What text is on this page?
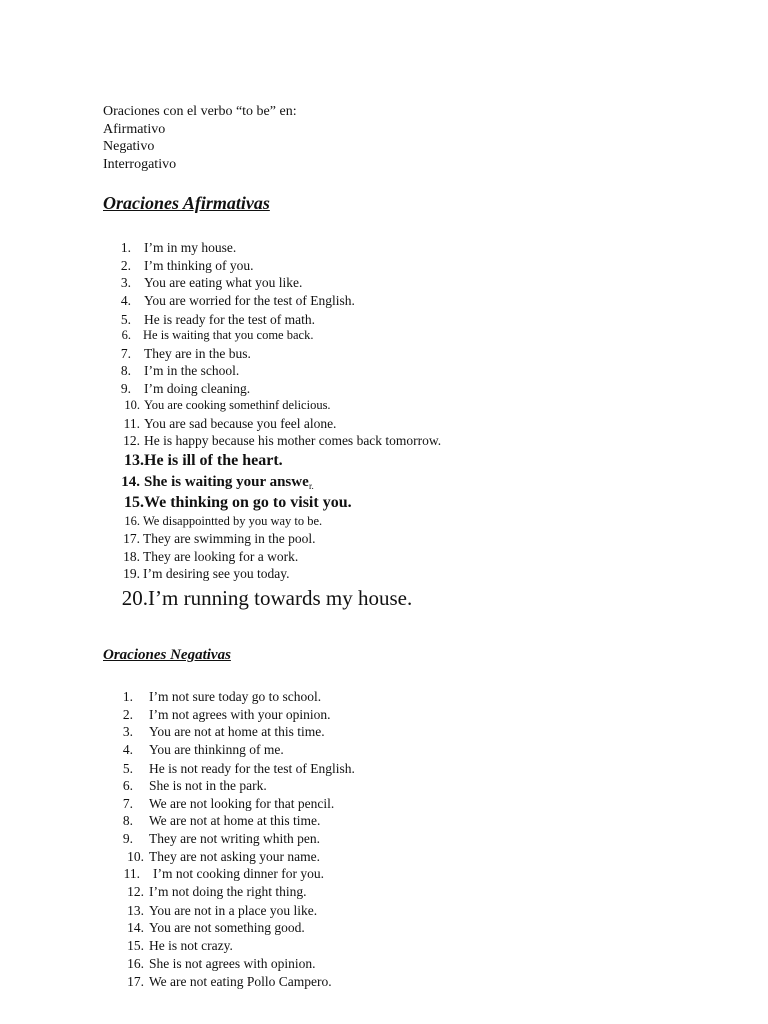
Oraciones con el verbo “to be” en:
Afirmativo
Negativo
Interrogativo
Oraciones Afirmativas
1. I’m in my house.
2. I’m thinking of you.
3. You are eating what you like.
4. You are worried for the test of English.
5. He is ready for the test of math.
6. He is waiting that you come back.
7. They are in the bus.
8. I’m in the school.
9. I’m doing cleaning.
10. You are cooking somethinf delicious.
11. You are sad because you feel alone.
12. He is happy because his mother comes back tomorrow.
13. He is ill of the heart.
14. She is waiting your answe r.
15. We thinking on go to visit you.
16. We disappointted by you way to be.
17. They are swimming in the pool.
18. They are looking for a work.
19. I’m desiring see you today.
20. I’m running towards my house.
Oraciones Negativas
1. I’m not sure today go to school.
2. I’m not agrees with your opinion.
3. You are not at home at this time.
4. You are thinkinng of me.
5. He is not ready for the test of English.
6. She is not in the park.
7. We are not looking for that pencil.
8. We are not at home at this time.
9. They are not writing whith pen.
10. They are not asking your name.
11. I’m not cooking dinner for you.
12. I’m not doing the right thing.
13. You are not in a place you like.
14. You are not something good.
15. He is not crazy.
16. She is not agrees with opinion.
17. We are not eating Pollo Campero.
